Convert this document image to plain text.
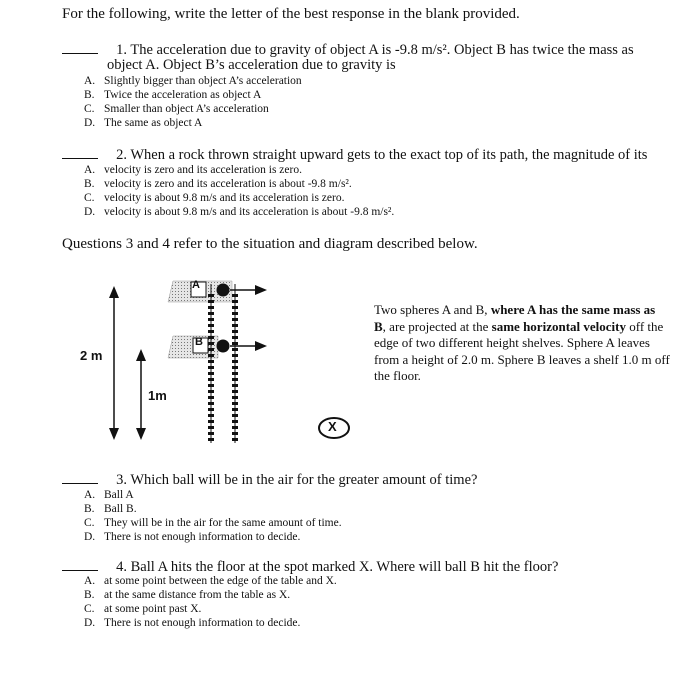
For the following, write the letter of the best response in the blank provided.
1. The acceleration due to gravity of object A is -9.8 m/s². Object B has twice the mass as
object A. Object B’s acceleration due to gravity is
A. Slightly bigger than object A’s acceleration
B. Twice the acceleration as object A
C. Smaller than object A’s acceleration
D. The same as object A
2. When a rock thrown straight upward gets to the exact top of its path, the magnitude of its
A. velocity is zero and its acceleration is zero.
B. velocity is zero and its acceleration is about -9.8 m/s².
C. velocity is about 9.8 m/s and its acceleration is zero.
D. velocity is about 9.8 m/s and its acceleration is about -9.8 m/s².
Questions 3 and 4 refer to the situation and diagram described below.
A
B
2 m
1m
X
Two spheres A and B, where A has the same mass as B, are projected at the same horizontal velocity off the edge of two different height shelves. Sphere A leaves from a height of 2.0 m. Sphere B leaves a shelf 1.0 m off the floor.
3. Which ball will be in the air for the greater amount of time?
A. Ball A
B. Ball B.
C. They will be in the air for the same amount of time.
D. There is not enough information to decide.
4. Ball A hits the floor at the spot marked X. Where will ball B hit the floor?
A. at some point between the edge of the table and X.
B. at the same distance from the table as X.
C. at some point past X.
D. There is not enough information to decide.
